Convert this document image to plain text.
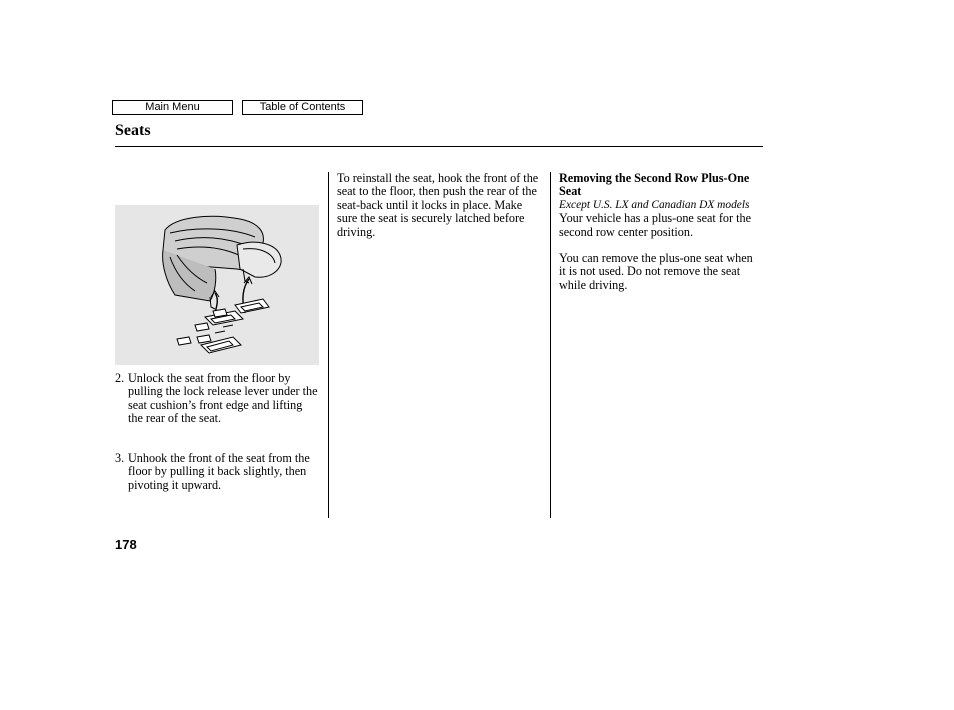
Main Menu	Table of Contents
Seats
2. Unlock the seat from the floor by pulling the lock release lever under the seat cushion’s front edge and lifting the rear of the seat.
3. Unhook the front of the seat from the floor by pulling it back slightly, then pivoting it upward.

To reinstall the seat, hook the front of the seat to the floor, then push the rear of the seat-back until it locks in place. Make sure the seat is securely latched before driving.

Removing the Second Row Plus-One Seat

Except U.S. LX and Canadian DX models

Your vehicle has a plus-one seat for the second row center position.

You can remove the plus-one seat when it is not used. Do not remove the seat while driving.

178
